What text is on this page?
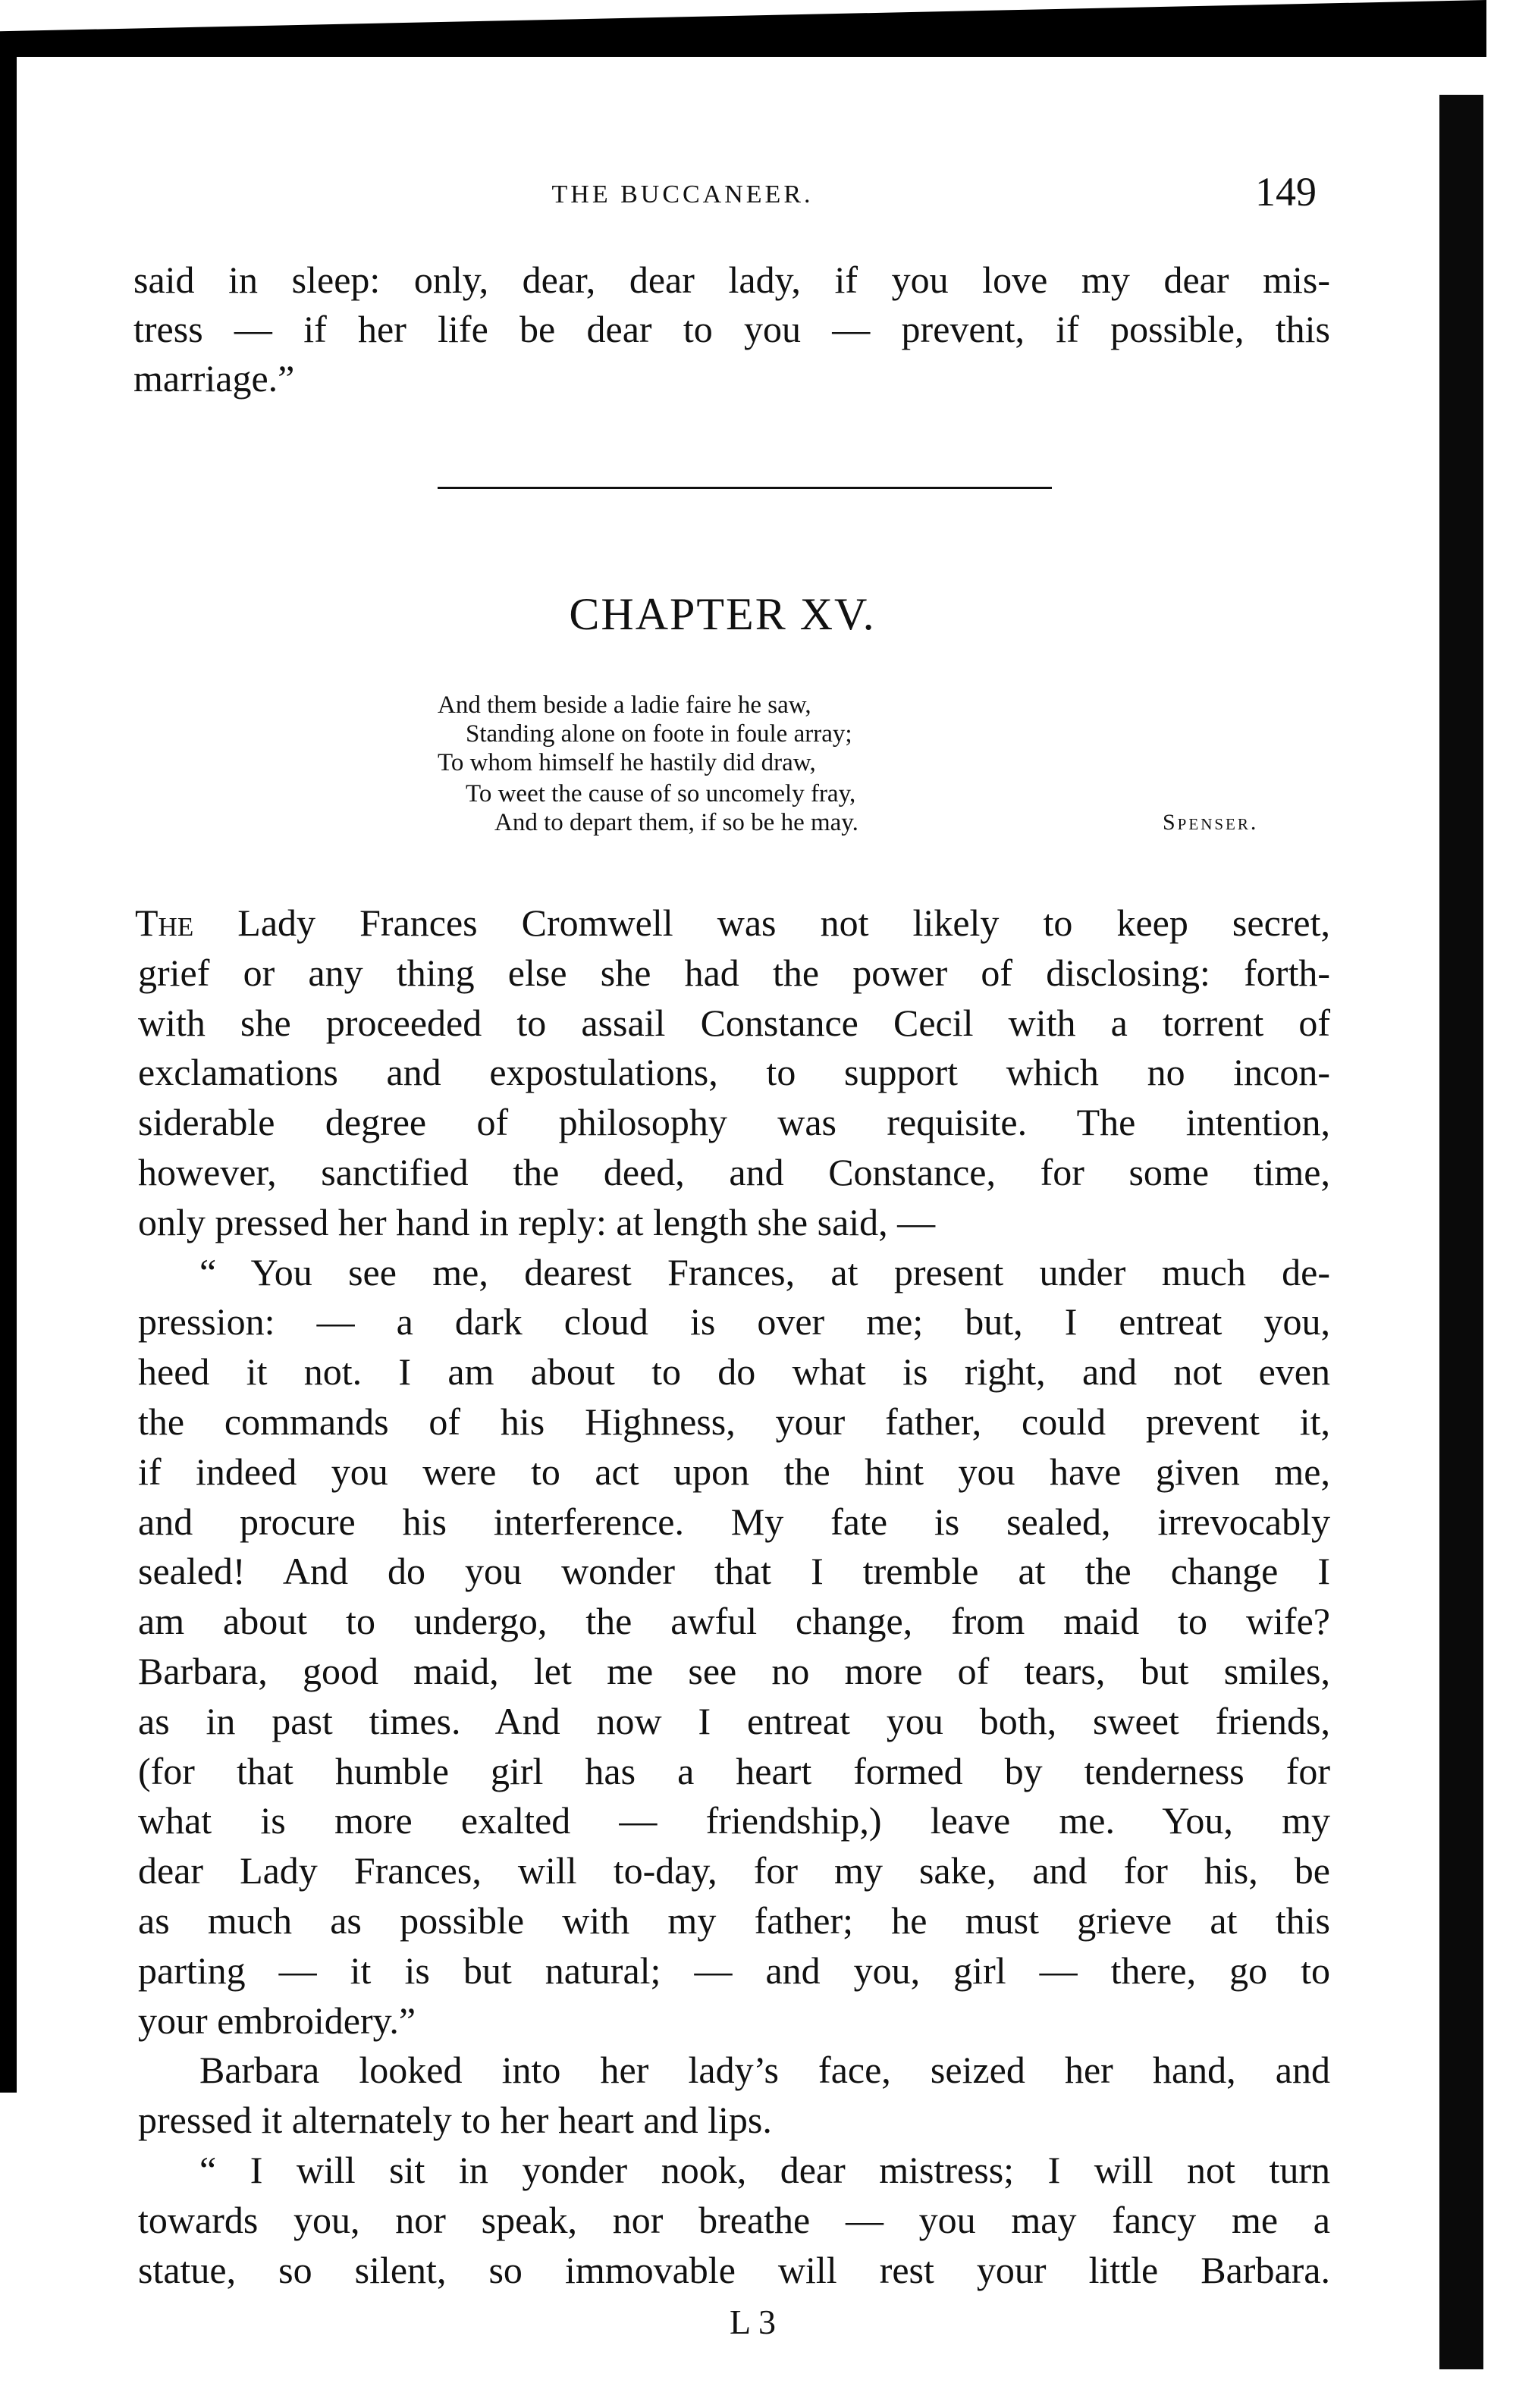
THE BUCCANEER.	149
said in sleep: only, dear, dear lady, if you love my dear mis-
tress — if her life be dear to you — prevent, if possible, this
marriage.”
CHAPTER XV.
And them beside a ladie faire he saw,
Standing alone on foote in foule array;
To whom himself he hastily did draw,
To weet the cause of so uncomely fray,
And to depart them, if so be he may.	Spenser.
The Lady Frances Cromwell was not likely to keep secret,
grief or any thing else she had the power of disclosing: forth-
with she proceeded to assail Constance Cecil with a torrent of
exclamations and expostulations, to support which no incon-
siderable degree of philosophy was requisite. The intention,
however, sanctified the deed, and Constance, for some time,
only pressed her hand in reply: at length she said, —
“ You see me, dearest Frances, at present under much de-
pression: — a dark cloud is over me; but, I entreat you,
heed it not. I am about to do what is right, and not even
the commands of his Highness, your father, could prevent it,
if indeed you were to act upon the hint you have given me,
and procure his interference. My fate is sealed, irrevocably
sealed! And do you wonder that I tremble at the change I
am about to undergo, the awful change, from maid to wife?
Barbara, good maid, let me see no more of tears, but smiles,
as in past times. And now I entreat you both, sweet friends,
(for that humble girl has a heart formed by tenderness for
what is more exalted — friendship,) leave me. You, my
dear Lady Frances, will to-day, for my sake, and for his, be
as much as possible with my father; he must grieve at this
parting — it is but natural; — and you, girl — there, go to
your embroidery.”
Barbara looked into her lady’s face, seized her hand, and
pressed it alternately to her heart and lips.
“ I will sit in yonder nook, dear mistress; I will not turn
towards you, nor speak, nor breathe — you may fancy me a
statue, so silent, so immovable will rest your little Barbara.
L 3
